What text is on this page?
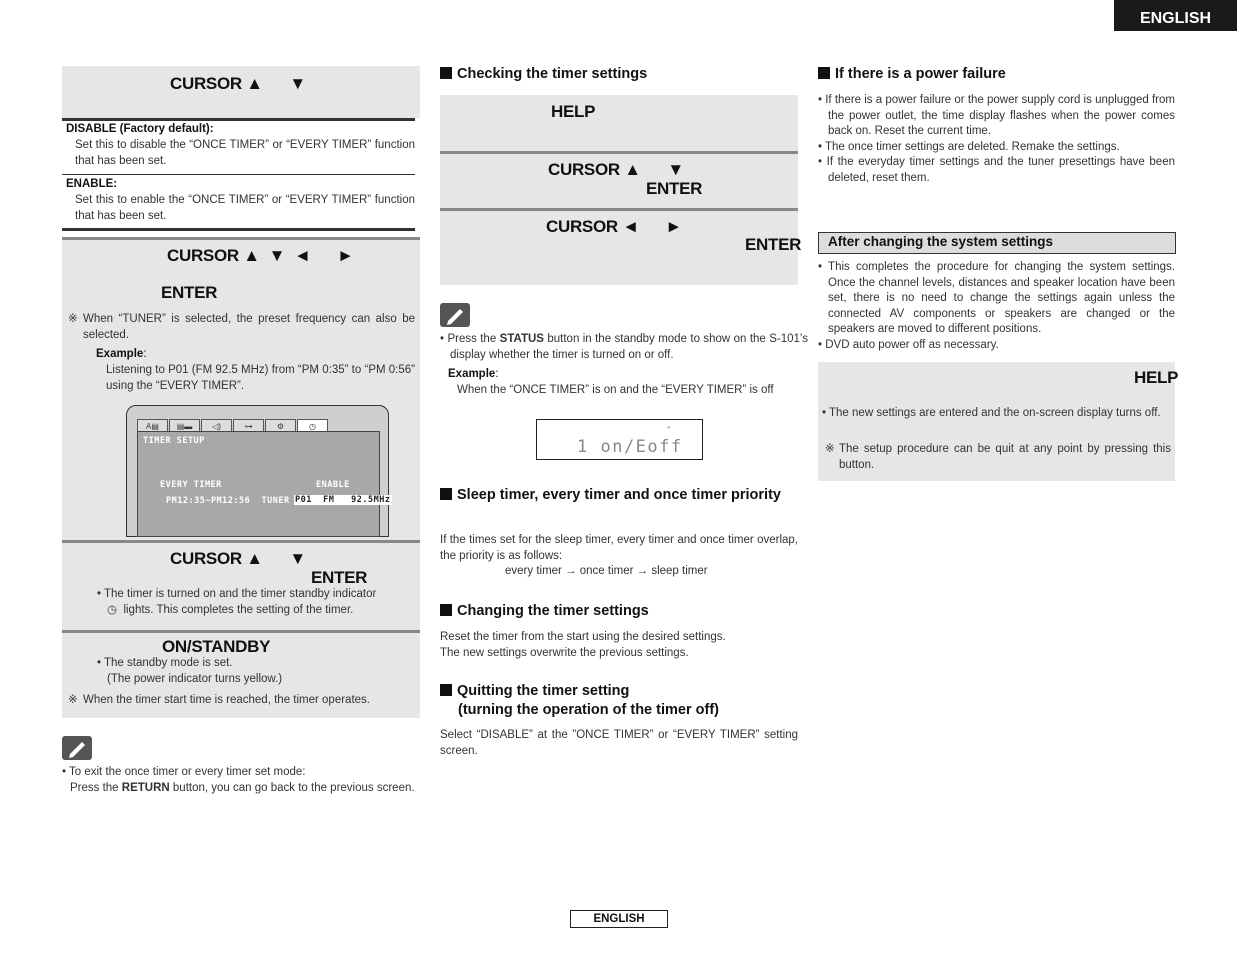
ENGLISH
CURSOR ▲      ▼
DISABLE (Factory default):
Set this to disable the “ONCE TIMER” or “EVERY TIMER” function that has been set.
ENABLE:
Set this to enable the “ONCE TIMER” or “EVERY TIMER” function that has been set.
CURSOR ▲  ▼  ◄      ►
ENTER
※ When “TUNER” is selected, the preset frequency can also be selected.
Example:
Listening to P01 (FM 92.5 MHz) from “PM 0:35” to “PM 0:56” using the “EVERY TIMER”.
A▤ ▤▬ ◁)	⊶	⚙	◷
TIMER SETUP
EVERY TIMER	ENABLE
PM12:35~PM12:56  TUNER P01  FM   92.5MHz
CURSOR ▲      ▼
ENTER
• The timer is turned on and the timer standby indicator
◷ lights. This completes the setting of the timer.
ON/STANDBY
• The standby mode is set.
(The power indicator turns yellow.)
※ When the timer start time is reached, the timer operates.
• To exit the once timer or every timer set mode:
Press the RETURN button, you can go back to the previous screen.
Checking the timer settings
HELP
CURSOR ▲      ▼
ENTER
CURSOR ◄      ►
ENTER
• Press the STATUS button in the standby mode to show on the S-101’s display whether the timer is turned on or off.
Example:
When the “ONCE TIMER” is on and the “EVERY TIMER” is off
◦
1 on/Eoff
Sleep timer, every timer and once timer priority
If the times set for the sleep timer, every timer and once timer overlap, the priority is as follows:
every timer → once timer → sleep timer
Changing the timer settings
Reset the timer from the start using the desired settings.
The new settings overwrite the previous settings.
Quitting the timer setting
(turning the operation of the timer off)
Select “DISABLE” at the ”ONCE TIMER” or “EVERY TIMER” setting screen.
If there is a power failure
• If there is a power failure or the power supply cord is unplugged from the power outlet, the time display flashes when the power comes back on. Reset the current time.
• The once timer settings are deleted. Remake the settings.
• If the everyday timer settings and the tuner presettings have been deleted, reset them.
After changing the system settings
• This completes the procedure for changing the system settings. Once the channel levels, distances and speaker location have been set, there is no need to change the settings again unless the connected AV components or speakers are changed or the speakers are moved to different positions.
• DVD auto power off as necessary.
HELP
• The new settings are entered and the on-screen display turns off.
※ The setup procedure can be quit at any point by pressing this button.
ENGLISH
